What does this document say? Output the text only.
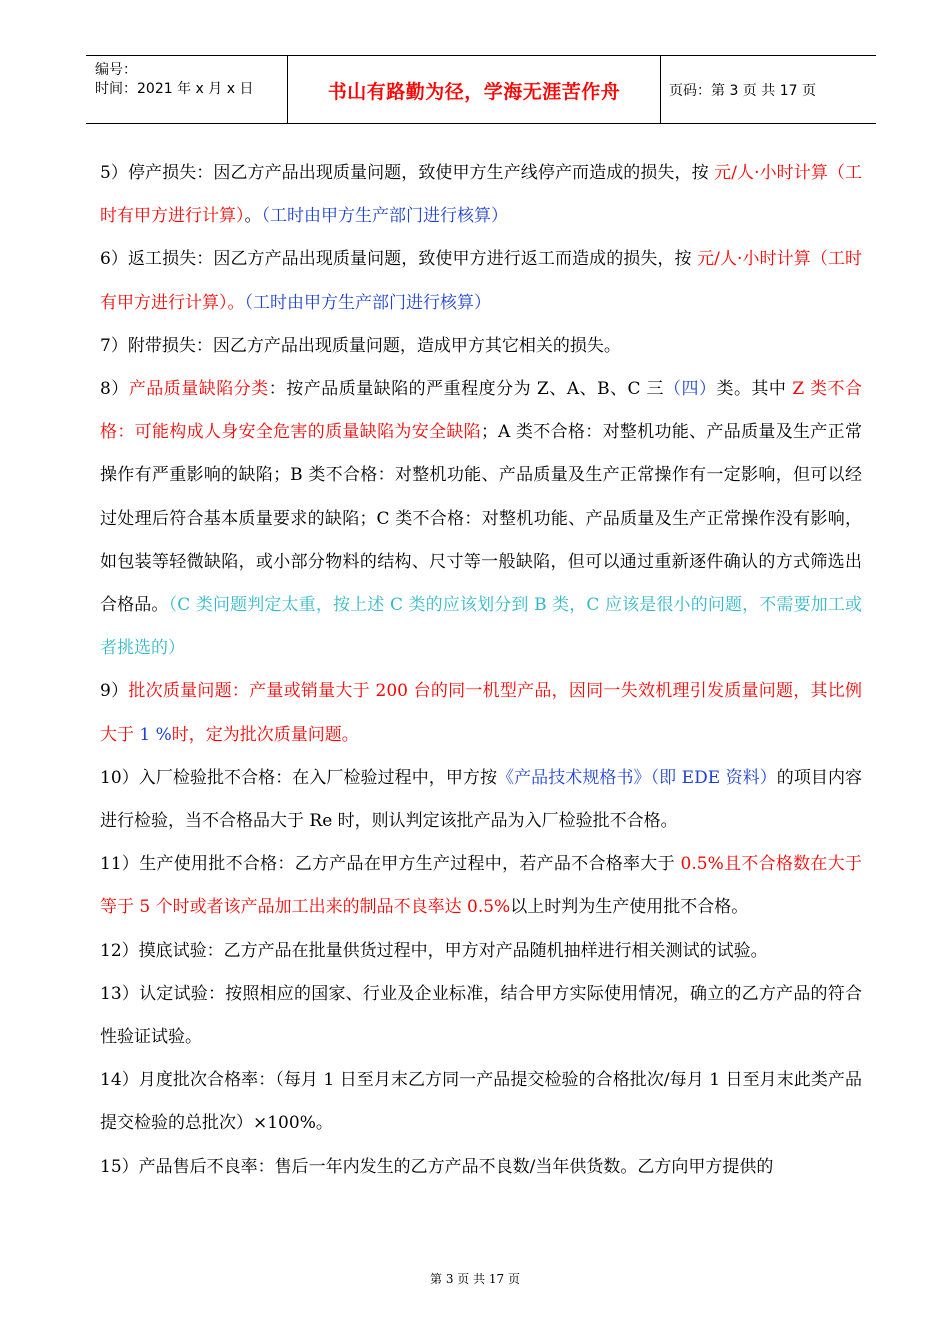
编号：
时间：2021 年 x 月 x 日	书山有路勤为径，学海无涯苦作舟	页码：第 3 页 共 17 页

5）停产损失：因乙方产品出现质量问题，致使甲方生产线停产而造成的损失，按 元/人·小时计算（工时有甲方进行计算）。（工时由甲方生产部门进行核算）

6）返工损失：因乙方产品出现质量问题，致使甲方进行返工而造成的损失，按 元/人·小时计算（工时有甲方进行计算）。（工时由甲方生产部门进行核算）

7）附带损失：因乙方产品出现质量问题，造成甲方其它相关的损失。

8）产品质量缺陷分类：按产品质量缺陷的严重程度分为 Z、A、B、C 三（四）类。其中 Z 类不合格：可能构成人身安全危害的质量缺陷为安全缺陷；A 类不合格：对整机功能、产品质量及生产正常操作有严重影响的缺陷；B 类不合格：对整机功能、产品质量及生产正常操作有一定影响，但可以经过处理后符合基本质量要求的缺陷；C 类不合格：对整机功能、产品质量及生产正常操作没有影响，如包装等轻微缺陷，或小部分物料的结构、尺寸等一般缺陷，但可以通过重新逐件确认的方式筛选出合格品。（C 类问题判定太重，按上述 C 类的应该划分到 B 类，C 应该是很小的问题，不需要加工或者挑选的）

9）批次质量问题：产量或销量大于 200 台的同一机型产品，因同一失效机理引发质量问题，其比例大于 1 %时，定为批次质量问题。

10）入厂检验批不合格：在入厂检验过程中，甲方按《产品技术规格书》（即 EDE 资料）的项目内容进行检验，当不合格品大于 Re 时，则认判定该批产品为入厂检验批不合格。

11）生产使用批不合格：乙方产品在甲方生产过程中，若产品不合格率大于 0.5%且不合格数在大于等于 5 个时或者该产品加工出来的制品不良率达 0.5%以上时判为生产使用批不合格。

12）摸底试验：乙方产品在批量供货过程中，甲方对产品随机抽样进行相关测试的试验。

13）认定试验：按照相应的国家、行业及企业标准，结合甲方实际使用情况，确立的乙方产品的符合性验证试验。

14）月度批次合格率：（每月 1 日至月末乙方同一产品提交检验的合格批次/每月 1 日至月末此类产品提交检验的总批次）×100%。

15）产品售后不良率：售后一年内发生的乙方产品不良数/当年供货数。乙方向甲方提供的

第 3 页 共 17 页
